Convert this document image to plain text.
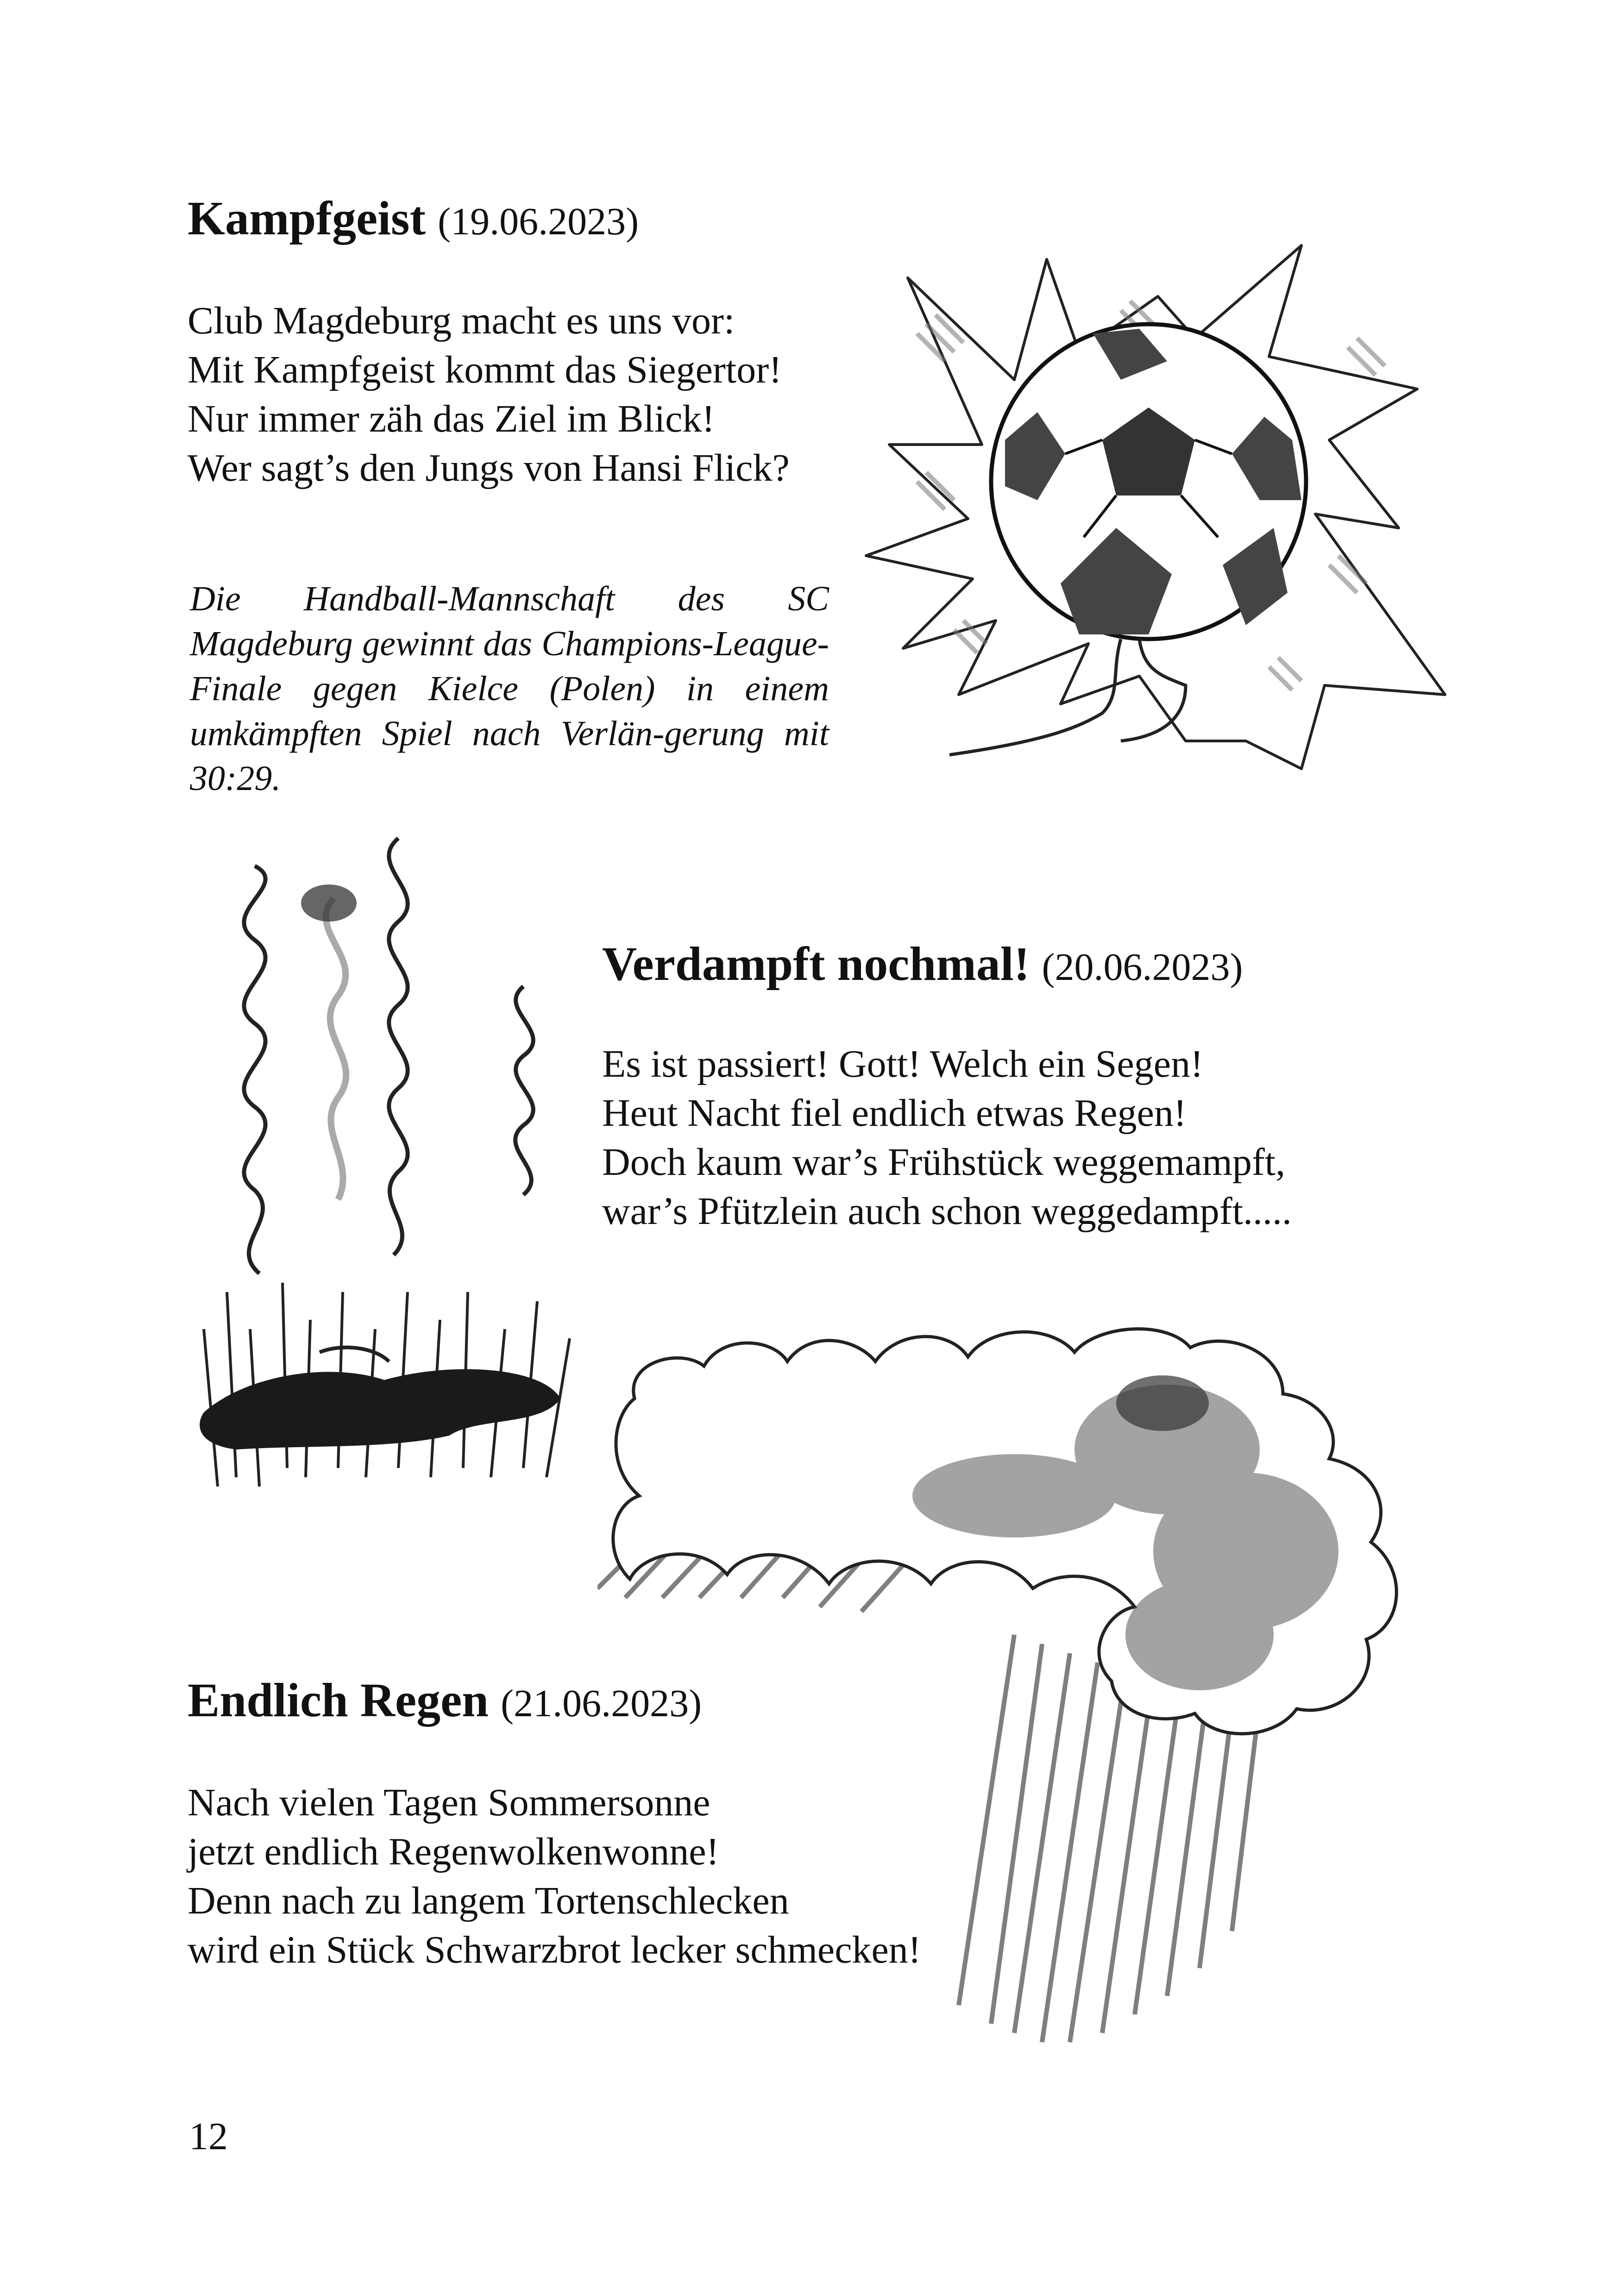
Kampfgeist (19.06.2023)
Club Magdeburg macht es uns vor:
Mit Kampfgeist kommt das Siegertor!
Nur immer zäh das Ziel im Blick!
Wer sagt’s den Jungs von Hansi Flick?
Die Handball-Mannschaft des SC Magdeburg gewinnt das Champions-League-Finale gegen Kielce (Polen) in einem umkämpften Spiel nach Verlän-gerung mit 30:29.
Verdampft nochmal! (20.06.2023)
Es ist passiert! Gott! Welch ein Segen!
Heut Nacht fiel endlich etwas Regen!
Doch kaum war’s Frühstück weggemampft,
war’s Pfützlein auch schon weggedampft.....
Endlich Regen (21.06.2023)
Nach vielen Tagen Sommersonne
jetzt endlich Regenwolkenwonne!
Denn nach zu langem Tortenschlecken
wird ein Stück Schwarzbrot lecker schmecken!
12
